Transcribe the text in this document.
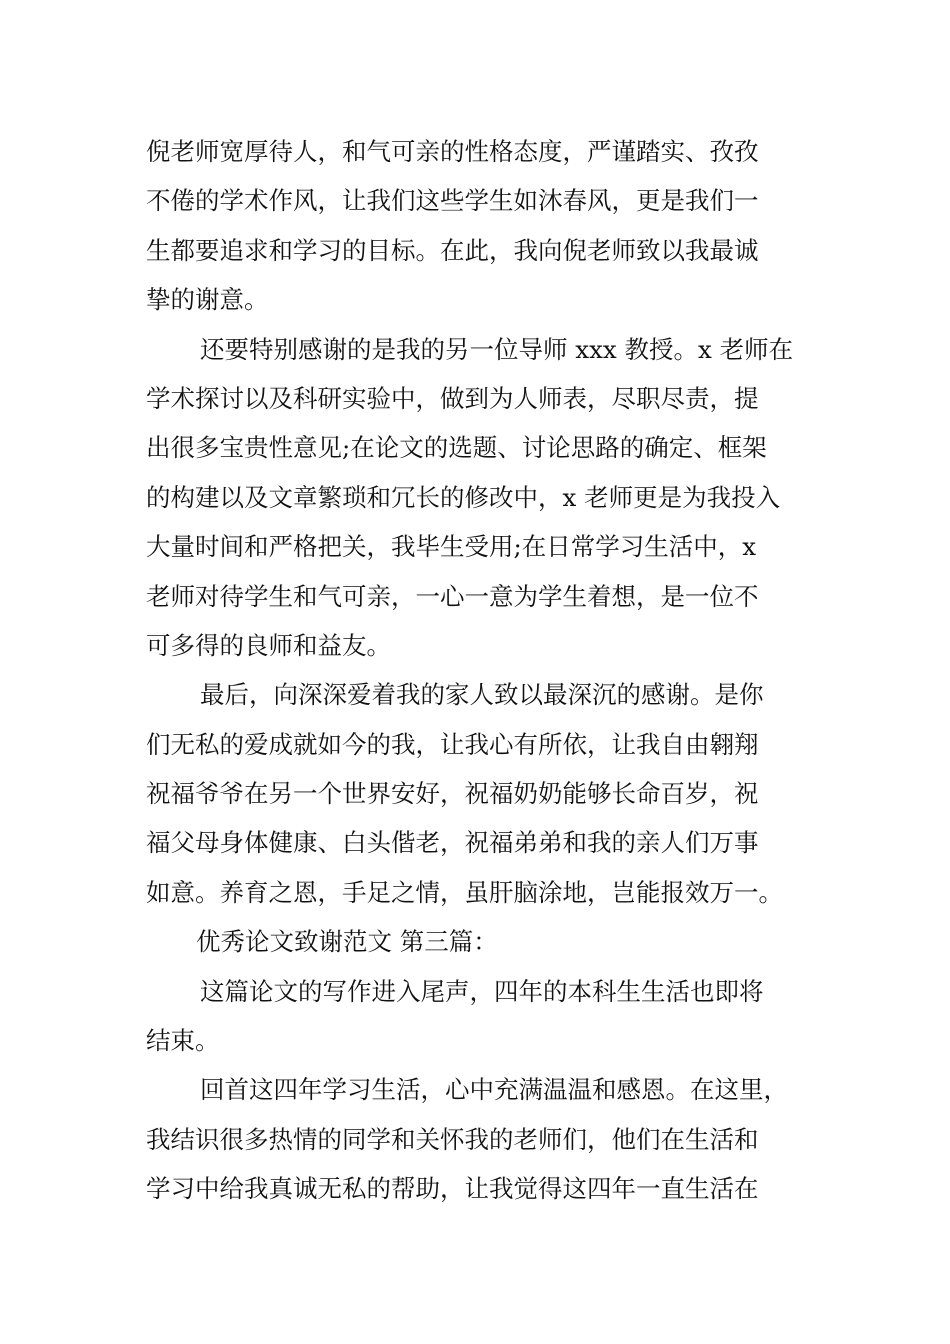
倪老师宽厚待人，和气可亲的性格态度，严谨踏实、孜孜
不倦的学术作风，让我们这些学生如沐春风，更是我们一
生都要追求和学习的目标。在此，我向倪老师致以我最诚
挚的谢意。
还要特别感谢的是我的另一位导师 xxx 教授。x 老师在
学术探讨以及科研实验中，做到为人师表，尽职尽责，提
出很多宝贵性意见;在论文的选题、讨论思路的确定、框架
的构建以及文章繁琐和冗长的修改中，x 老师更是为我投入
大量时间和严格把关，我毕生受用;在日常学习生活中，x
老师对待学生和气可亲，一心一意为学生着想，是一位不
可多得的良师和益友。
最后，向深深爱着我的家人致以最深沉的感谢。是你
们无私的爱成就如今的我，让我心有所依，让我自由翱翔
祝福爷爷在另一个世界安好，祝福奶奶能够长命百岁，祝
福父母身体健康、白头偕老，祝福弟弟和我的亲人们万事
如意。养育之恩，手足之情，虽肝脑涂地，岂能报效万一。
优秀论文致谢范文 第三篇：
这篇论文的写作进入尾声，四年的本科生生活也即将
结束。
回首这四年学习生活，心中充满温温和感恩。在这里，
我结识很多热情的同学和关怀我的老师们，他们在生活和
学习中给我真诚无私的帮助，让我觉得这四年一直生活在
